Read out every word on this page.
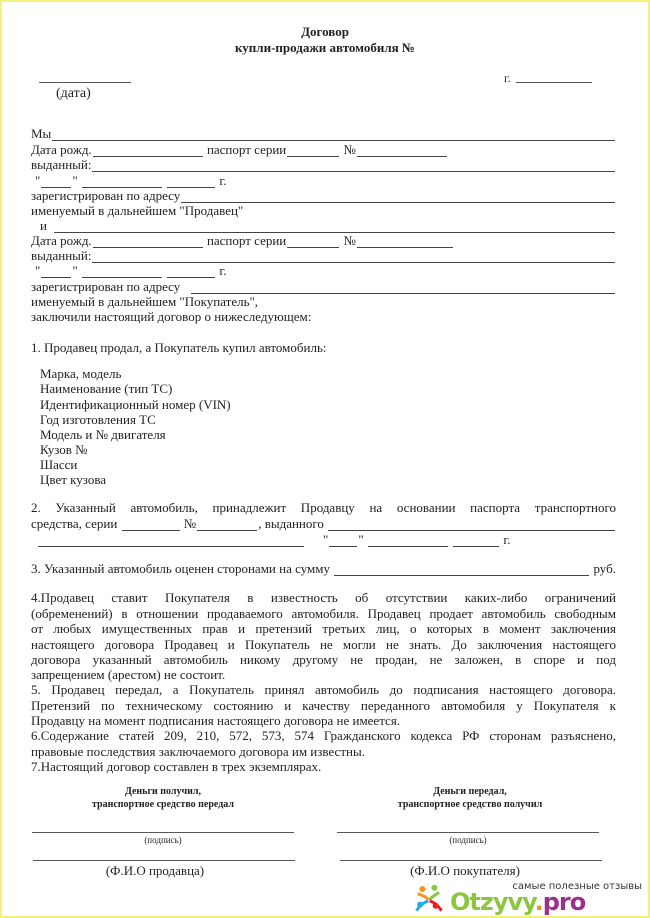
Договор
купли-продажи автомобиля №
(дата)
г.
Мы
Дата рожд.
	паспорт серии
	№
выданный:
" "

	г.
зарегистрирован по адресу
именуемый в дальнейшем "Продавец"
и

Дата рожд.
	паспорт серии
	№
выданный:
" "

	г.
зарегистрирован по адресу

именуемый в дальнейшем "Покупатель",
заключили настоящий договор о нижеследующем:
1. Продавец продал, а Покупатель купил автомобиль:
Марка, модель
Наименование (тип ТС)
Идентификационный номер (VIN)
Год изготовления ТС
Модель и № двигателя
Кузов №
Шасси
Цвет кузова
2. Указанный автомобиль, принадлежит Продавцу на основании паспорта транспортного
средства, серии

	№	, выданного

" "

	г.
3. Указанный автомобиль оценен сторонами на сумму

	руб.
4.Продавец ставит Покупателя в известность об отсутствии каких-либо ограничений
(обременений) в отношении продаваемого автомобиля. Продавец продает автомобиль свободным
от любых имущественных прав и претензий третьих лиц, о которых в момент заключения
настоящего договора Продавец и Покупатель не могли не знать. До заключения настоящего
договора указанный автомобиль никому другому не продан, не заложен, в споре и под
запрещением (арестом) не состоит.
5. Продавец передал, а Покупатель принял автомобиль до подписания настоящего договора.
Претензий по техническому состоянию и качеству переданного автомобиля у Покупателя к
Продавцу на момент подписания настоящего договора не имеется.
6.Содержание статей 209, 210, 572, 573, 574 Гражданского кодекса РФ сторонам разъяснено,
правовые последствия заключаемого договора им известны.
7.Настоящий договор составлен в трех экземплярах.
Деньги получил,
транспортное средство передал
Деньги передал,
транспортное средство получил
(подпись)	(подпись)
(Ф.И.О продавца)	(Ф.И.О покупателя)
самые полезные отзывы
Otzyvy.pro
